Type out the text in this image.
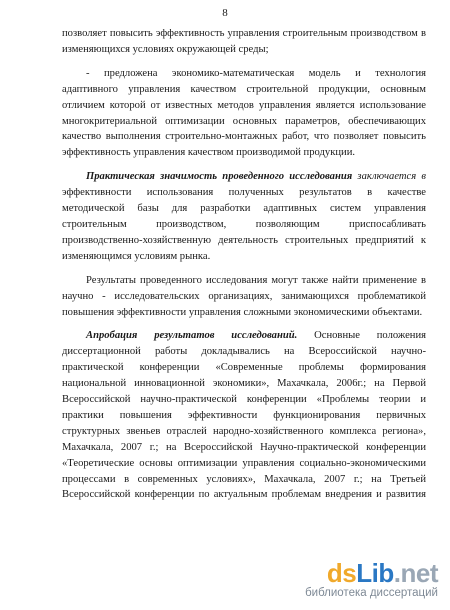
8
позволяет повысить эффективность управления строительным производством в
изменяющихся условиях окружающей среды;
- предложена экономико-математическая модель и технология
адаптивного управления качеством строительной продукции, основным
отличием которой от известных методов управления является использование
многокритериальной оптимизации основных параметров, обеспечивающих
качество выполнения строительно-монтажных работ, что позволяет повысить
эффективность управления качеством производимой продукции.
Практическая значимость проведенного исследования заключается в
эффективности использования полученных результатов в качестве
методической базы для разработки адаптивных систем управления
строительным производством, позволяющим приспосабливать
производственно-хозяйственную деятельность строительных предприятий к
изменяющимся условиям рынка.
Результаты проведенного исследования могут также найти применение в
научно - исследовательских организациях, занимающихся проблематикой
повышения эффективности управления сложными экономическими объектами.
Апробация результатов исследований. Основные положения
диссертационной работы докладывались на Всероссийской научно-
практической конференции «Современные проблемы формирования
национальной инновационной экономики», Махачкала, 2006г.; на Первой
Всероссийской научно-практической конференции «Проблемы теории и
практики повышения эффективности функционирования первичных
структурных звеньев отраслей народно-хозяйственного комплекса региона»,
Махачкала, 2007 г.; на Всероссийской Научно-практической конференции
«Теоретические основы оптимизации управления социально-экономическими
процессами в современных условиях», Махачкала, 2007 г.; на Третьей
Всероссийской конференции по актуальным проблемам внедрения и развития
dsLib.net
библиотека диссертаций
